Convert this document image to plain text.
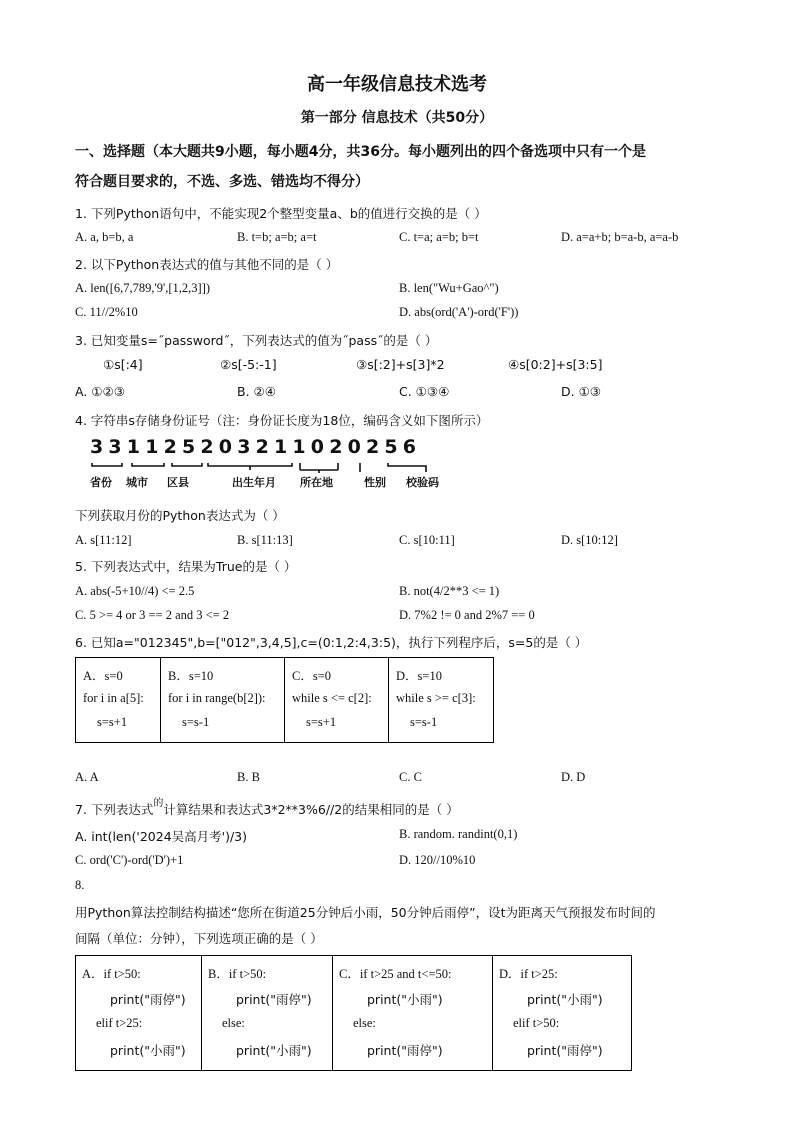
高一年级信息技术选考
第一部分 信息技术（共50分）
一、选择题（本大题共9小题，每小题4分，共36分。每小题列出的四个备选项中只有一个是
符合题目要求的，不选、多选、错选均不得分）
1. 下列Python语句中，不能实现2个整型变量a、b的值进行交换的是（ ）
A. a, b=b, a	B. t=b; a=b; a=t	C. t=a; a=b; b=t	D. a=a+b; b=a-b, a=a-b
2. 以下Python表达式的值与其他不同的是（ ）
A. len([6,7,789,'9',[1,2,3]])	B. len("Wu+Gao^")
C. 11//2%10	D. abs(ord('A')-ord('F'))
3. 已知变量s=˝password˝，下列表达式的值为˝pass˝的是（ ）
①s[:4]	②s[-5:-1]	③s[:2]+s[3]*2	④s[0:2]+s[3:5]
A. ①②③	B. ②④	C. ①③④	D. ①③
4. 字符串s存储身份证号（注：身份证长度为18位，编码含义如下图所示）
3 3 1 1 2 5 2 0 3 2 1 1 0 2 0 2 5 6
省份 城市 区县	出生年月 所在地	性别 校验码
下列获取月份的Python表达式为（ ）
A. s[11:12]	B. s[11:13]	C. s[10:11]	D. s[10:12]
5. 下列表达式中，结果为True的是（ ）
A. abs(-5+10//4) <= 2.5	B. not(4/2**3 <= 1)
C. 5 >= 4 or 3 == 2 and 3 <= 2	D. 7%2 != 0 and 2%7 == 0
6. 已知a="012345",b=["012",3,4,5],c=(0:1,2:4,3:5)，执行下列程序后，s=5的是（ ）
A．s=0
for i in a[5]:
s=s+1

B．s=10
for i in range(b[2]):
s=s-1

C．s=0
while s <= c[2]:
s=s+1

D．s=10
while s >= c[3]:
s=s-1
A. A	B. B	C. C	D. D
7. 下列表达式$^的$计算结果和表达式3*2**3%6//2的结果相同的是（ ）
A. int(len('2024吴高月考')/3)	B. random. randint(0,1)
C. ord('C')-ord('D')+1	D. 120//10%10
8.
用Python算法控制结构描述“您所在街道25分钟后小雨，50分钟后雨停”，设t为距离天气预报发布时间的
间隔（单位：分钟），下列选项正确的是（ ）
A．if t>50:
print("雨停")
elif t>25:
print("小雨")

B．if t>50:
print("雨停")
else:
print("小雨")

C．if t>25 and t<=50:
print("小雨")
else:
print("雨停")

D．if t>25:
print("小雨")
elif t>50:
print("雨停")
